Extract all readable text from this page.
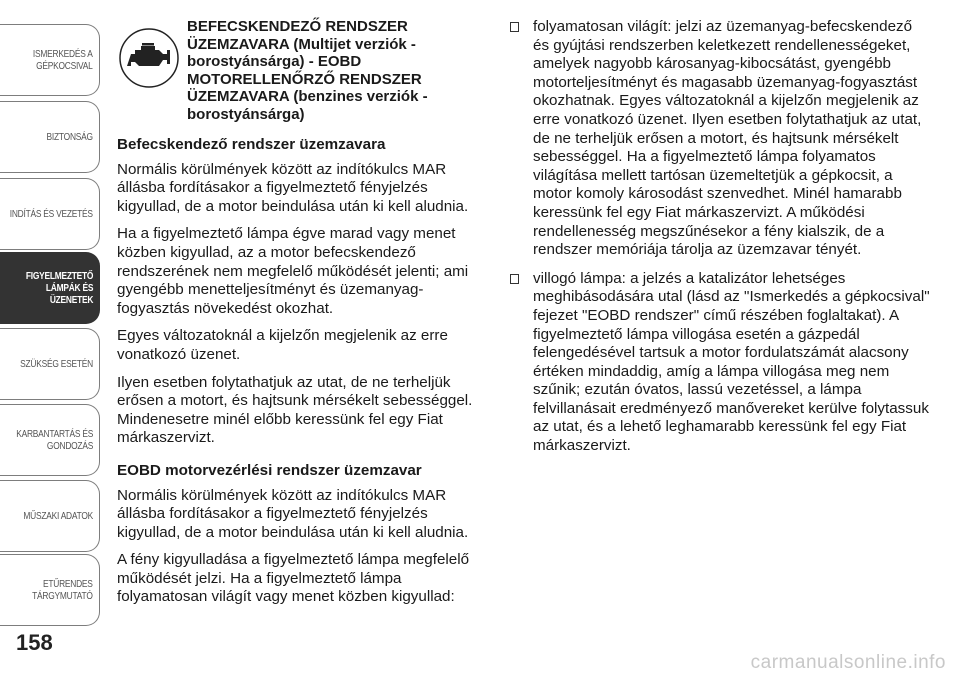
ISMERKEDÉS A
GÉPKOCSIVAL
BIZTONSÁG
INDÍTÁS ÉS VEZETÉS
FIGYELMEZTETŐ
LÁMPÁK ÉS
ÜZENETEK
SZÜKSÉG ESETÉN
KARBANTARTÁS ÉS
GONDOZÁS
MŰSZAKI ADATOK
ETŰRENDES
TÁRGYMUTATÓ
158
BEFECSKENDEZŐ RENDSZER
ÜZEMZAVARA (Multijet verziók -
borostyánsárga) - EOBD
MOTORELLENŐRZŐ RENDSZER
ÜZEMZAVARA (benzines verziók -
borostyánsárga)
Befecskendező rendszer üzemzavara

Normális körülmények között az indítókulcs MAR állásba fordításakor a figyelmeztető fényjelzés kigyullad, de a motor beindulása után ki kell aludnia.

Ha a figyelmeztető lámpa égve marad vagy menet közben kigyullad, az a motor befecskendező rendszerének nem megfelelő működését jelenti; ami gyengébb menetteljesítményt és üzemanyag-fogyasztás növekedést okozhat.

Egyes változatoknál a kijelzőn megjelenik az erre vonatkozó üzenet.

Ilyen esetben folytathatjuk az utat, de ne terheljük erősen a motort, és hajtsunk mérsékelt sebességgel. Mindenesetre minél előbb keressünk fel egy Fiat márkaszervizt.

EOBD motorvezérlési rendszer üzemzavar

Normális körülmények között az indítókulcs MAR állásba fordításakor a figyelmeztető fényjelzés kigyullad, de a motor beindulása után ki kell aludnia.

A fény kigyulladása a figyelmeztető lámpa megfelelő működését jelzi. Ha a figyelmeztető lámpa folyamatosan világít vagy menet közben kigyullad:

folyamatosan világít: jelzi az üzemanyag-befecskendező és gyújtási rendszerben keletkezett rendellenességeket, amelyek nagyobb károsanyag-kibocsátást, gyengébb motorteljesítményt és magasabb üzemanyag-fogyasztást okozhatnak. Egyes változatoknál a kijelzőn megjelenik az erre vonatkozó üzenet. Ilyen esetben folytathatjuk az utat, de ne terheljük erősen a motort, és hajtsunk mérsékelt sebességgel. Ha a figyelmeztető lámpa folyamatos világítása mellett tartósan üzemeltetjük a gépkocsit, a motor komoly károsodást szenvedhet. Minél hamarabb keressünk fel egy Fiat márkaszervizt. A működési rendellenesség megszűnésekor a fény kialszik, de a rendszer memóriája tárolja az üzemzavar tényét.
villogó lámpa: a jelzés a katalizátor lehetséges meghibásodására utal (lásd az "Ismerkedés a gépkocsival" fejezet "EOBD rendszer" című részében foglaltakat). A figyelmeztető lámpa villogása esetén a gázpedál felengedésével tartsuk a motor fordulatszámát alacsony értéken mindaddig, amíg a lámpa villogása meg nem szűnik; ezután óvatos, lassú vezetéssel, a lámpa felvillanásait eredményező manővereket kerülve folytassuk az utat, és a lehető leghamarabb keressünk fel egy Fiat márkaszervizt.
carmanualsonline.info
